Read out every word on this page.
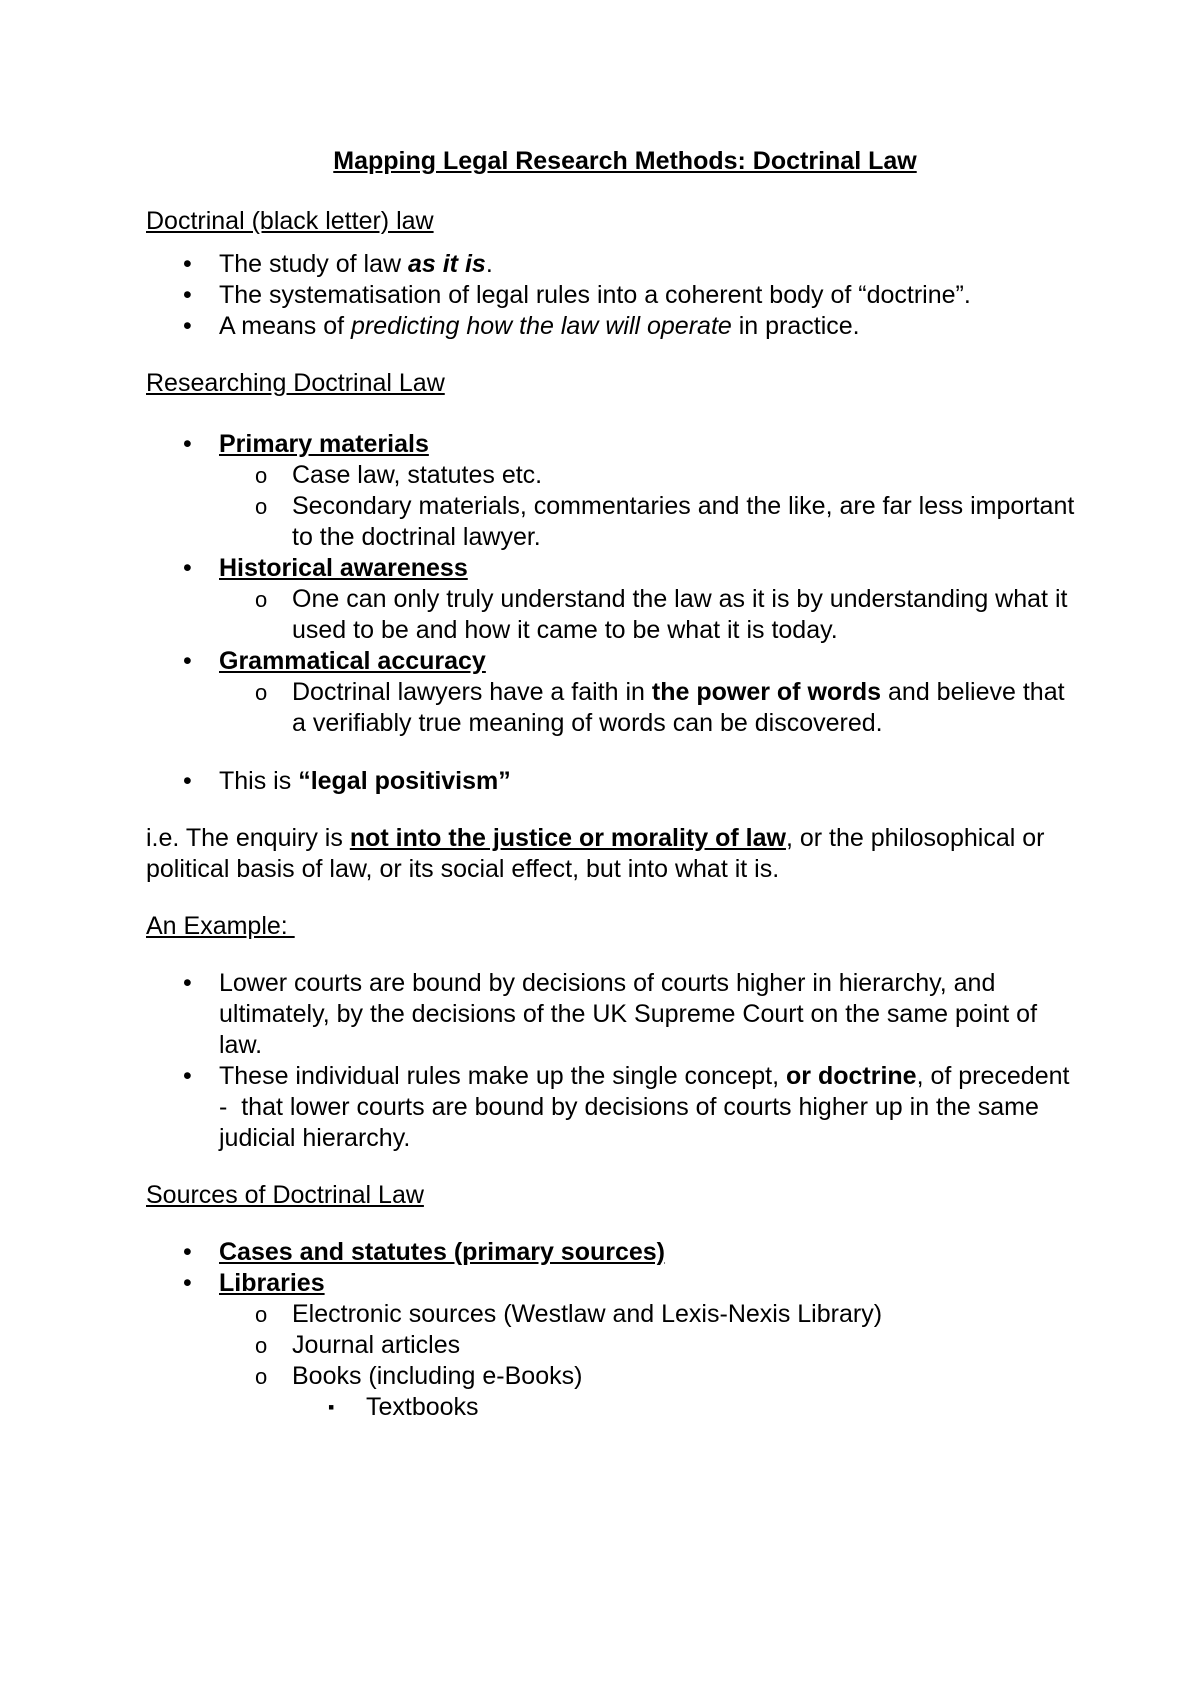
Mapping Legal Research Methods: Doctrinal Law

Doctrinal (black letter) law

• The study of law as it is.
• The systematisation of legal rules into a coherent body of “doctrine”.
• A means of predicting how the law will operate in practice.

Researching Doctrinal Law

• Primary materials
o Case law, statutes etc.
o Secondary materials, commentaries and the like, are far less important to the doctrinal lawyer.
• Historical awareness
o One can only truly understand the law as it is by understanding what it used to be and how it came to be what it is today.
• Grammatical accuracy
o Doctrinal lawyers have a faith in the power of words and believe that a verifiably true meaning of words can be discovered.
• This is “legal positivism”

i.e. The enquiry is not into the justice or morality of law, or the philosophical or political basis of law, or its social effect, but into what it is.

An Example:

• Lower courts are bound by decisions of courts higher in hierarchy, and ultimately, by the decisions of the UK Supreme Court on the same point of law.
• These individual rules make up the single concept, or doctrine, of precedent  -  that lower courts are bound by decisions of courts higher up in the same judicial hierarchy.

Sources of Doctrinal Law

• Cases and statutes (primary sources)
• Libraries
o Electronic sources (Westlaw and Lexis-Nexis Library)
o Journal articles
o Books (including e-Books)
▪ Textbooks
